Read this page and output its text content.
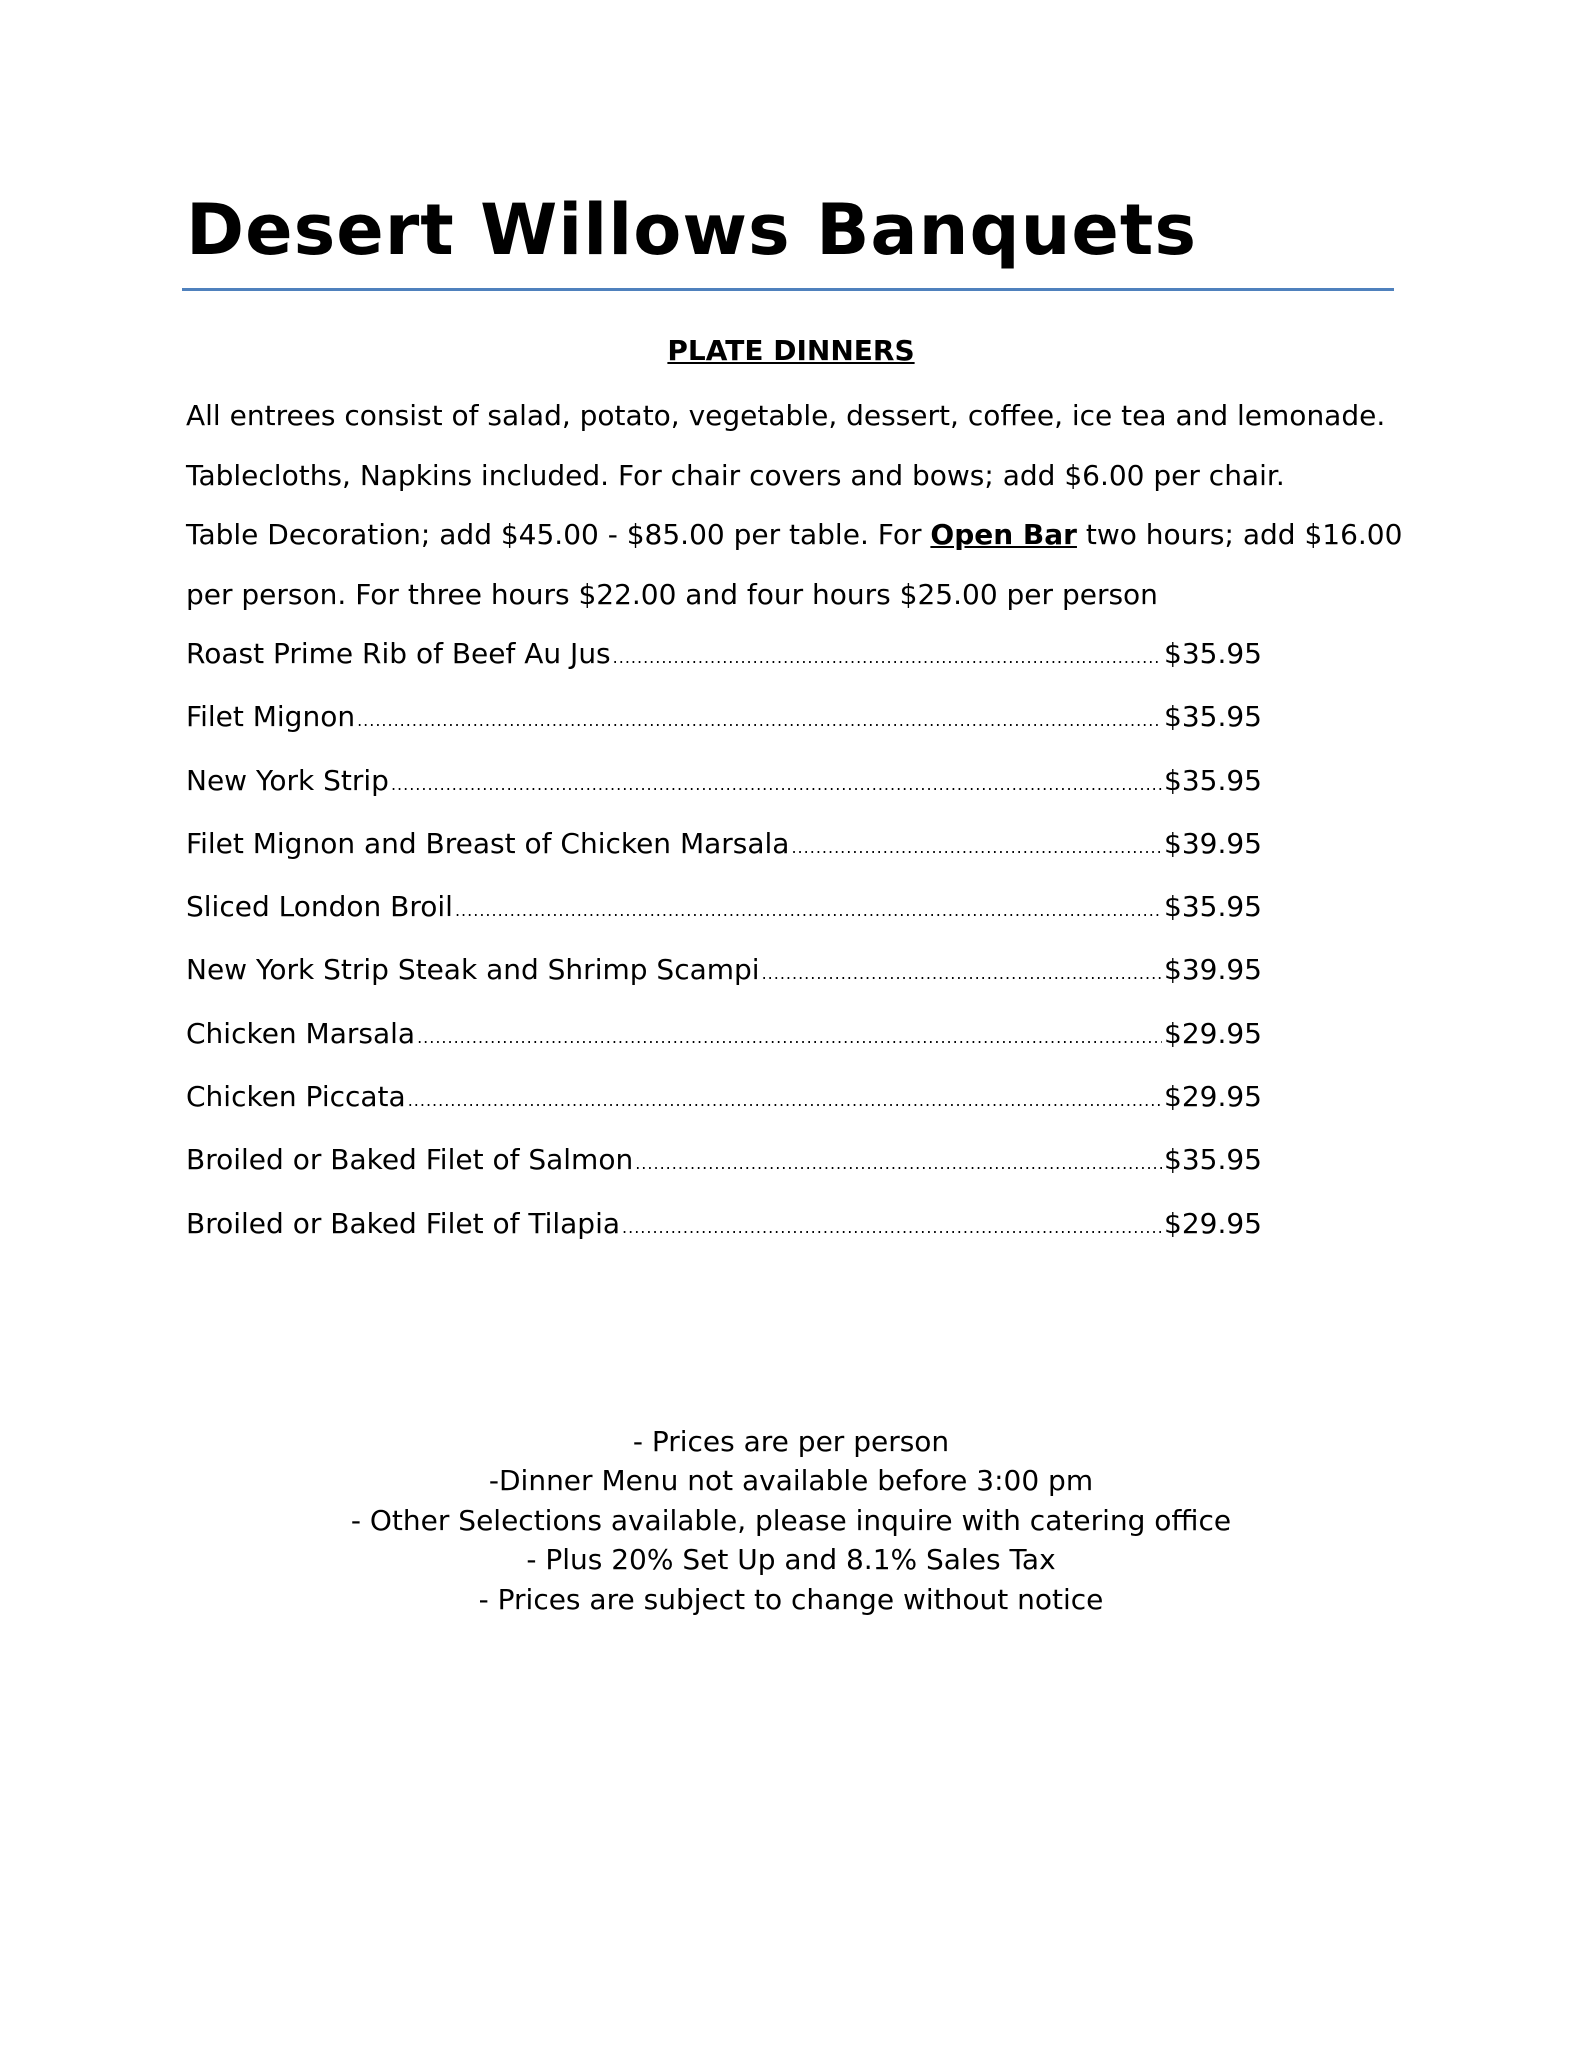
Desert Willows Banquets
PLATE DINNERS
All entrees consist of salad, potato, vegetable, dessert, coffee, ice tea and lemonade.
Tablecloths, Napkins included. For chair covers and bows; add $6.00 per chair.
Table Decoration; add $45.00 - $85.00 per table. For Open Bar two hours; add $16.00
per person. For three hours $22.00 and four hours $25.00 per person
Roast Prime Rib of Beef Au Jus .....	$35.95
Filet Mignon .....	$35.95
New York Strip .....	$35.95
Filet Mignon and Breast of Chicken Marsala .....	$39.95
Sliced London Broil .....	$35.95
New York Strip Steak and Shrimp Scampi .....	$39.95
Chicken Marsala .....	$29.95
Chicken Piccata .....	$29.95
Broiled or Baked Filet of Salmon .....	$35.95
Broiled or Baked Filet of Tilapia .....	$29.95
- Prices are per person
-Dinner Menu not available before 3:00 pm
- Other Selections available, please inquire with catering office
- Plus 20% Set Up and 8.1% Sales Tax
- Prices are subject to change without notice
